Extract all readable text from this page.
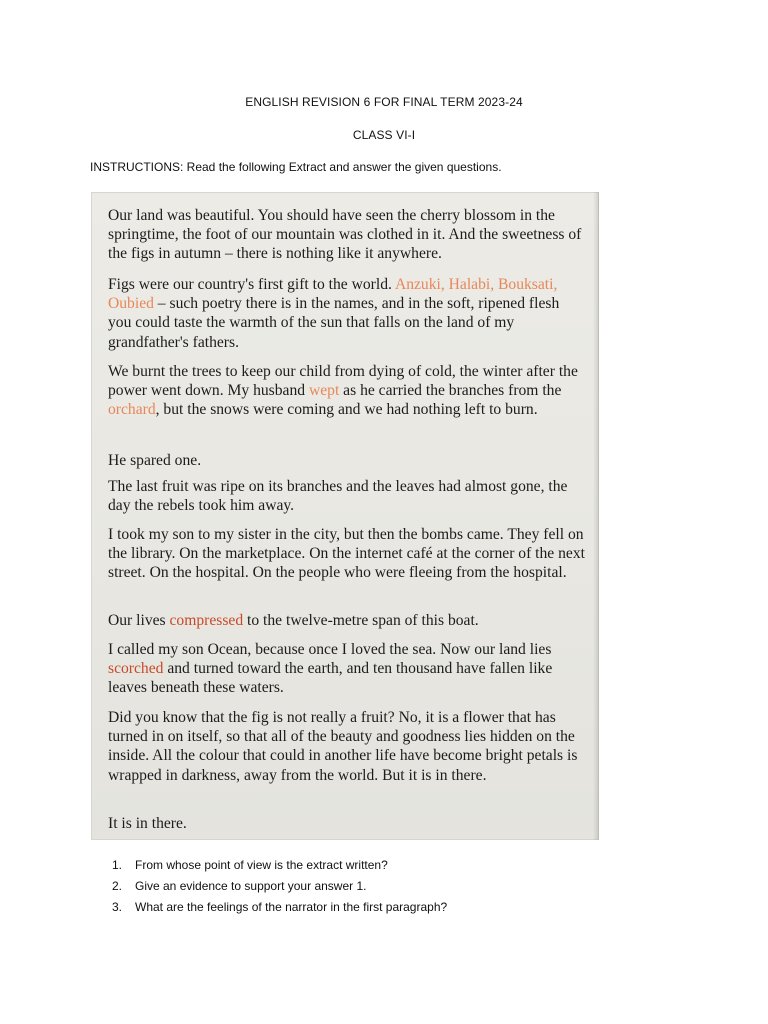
ENGLISH REVISION 6 FOR FINAL TERM 2023-24
CLASS VI-I
INSTRUCTIONS: Read the following Extract and answer the given questions.
Our land was beautiful. You should have seen the cherry blossom in the springtime, the foot of our mountain was clothed in it. And the sweetness of the figs in autumn – there is nothing like it anywhere.
Figs were our country's first gift to the world. Anzuki, Halabi, Bouksati, Oubied – such poetry there is in the names, and in the soft, ripened flesh you could taste the warmth of the sun that falls on the land of my grandfather's fathers.
We burnt the trees to keep our child from dying of cold, the winter after the power went down. My husband wept as he carried the branches from the orchard, but the snows were coming and we had nothing left to burn.
He spared one.
The last fruit was ripe on its branches and the leaves had almost gone, the day the rebels took him away.
I took my son to my sister in the city, but then the bombs came. They fell on the library. On the marketplace. On the internet café at the corner of the next street. On the hospital. On the people who were fleeing from the hospital.
Our lives compressed to the twelve-metre span of this boat.
I called my son Ocean, because once I loved the sea. Now our land lies scorched and turned toward the earth, and ten thousand have fallen like leaves beneath these waters.
Did you know that the fig is not really a fruit? No, it is a flower that has turned in on itself, so that all of the beauty and goodness lies hidden on the inside. All the colour that could in another life have become bright petals is wrapped in darkness, away from the world. But it is in there.
It is in there.
1. From whose point of view is the extract written?
2. Give an evidence to support your answer 1.
3. What are the feelings of the narrator in the first paragraph?
